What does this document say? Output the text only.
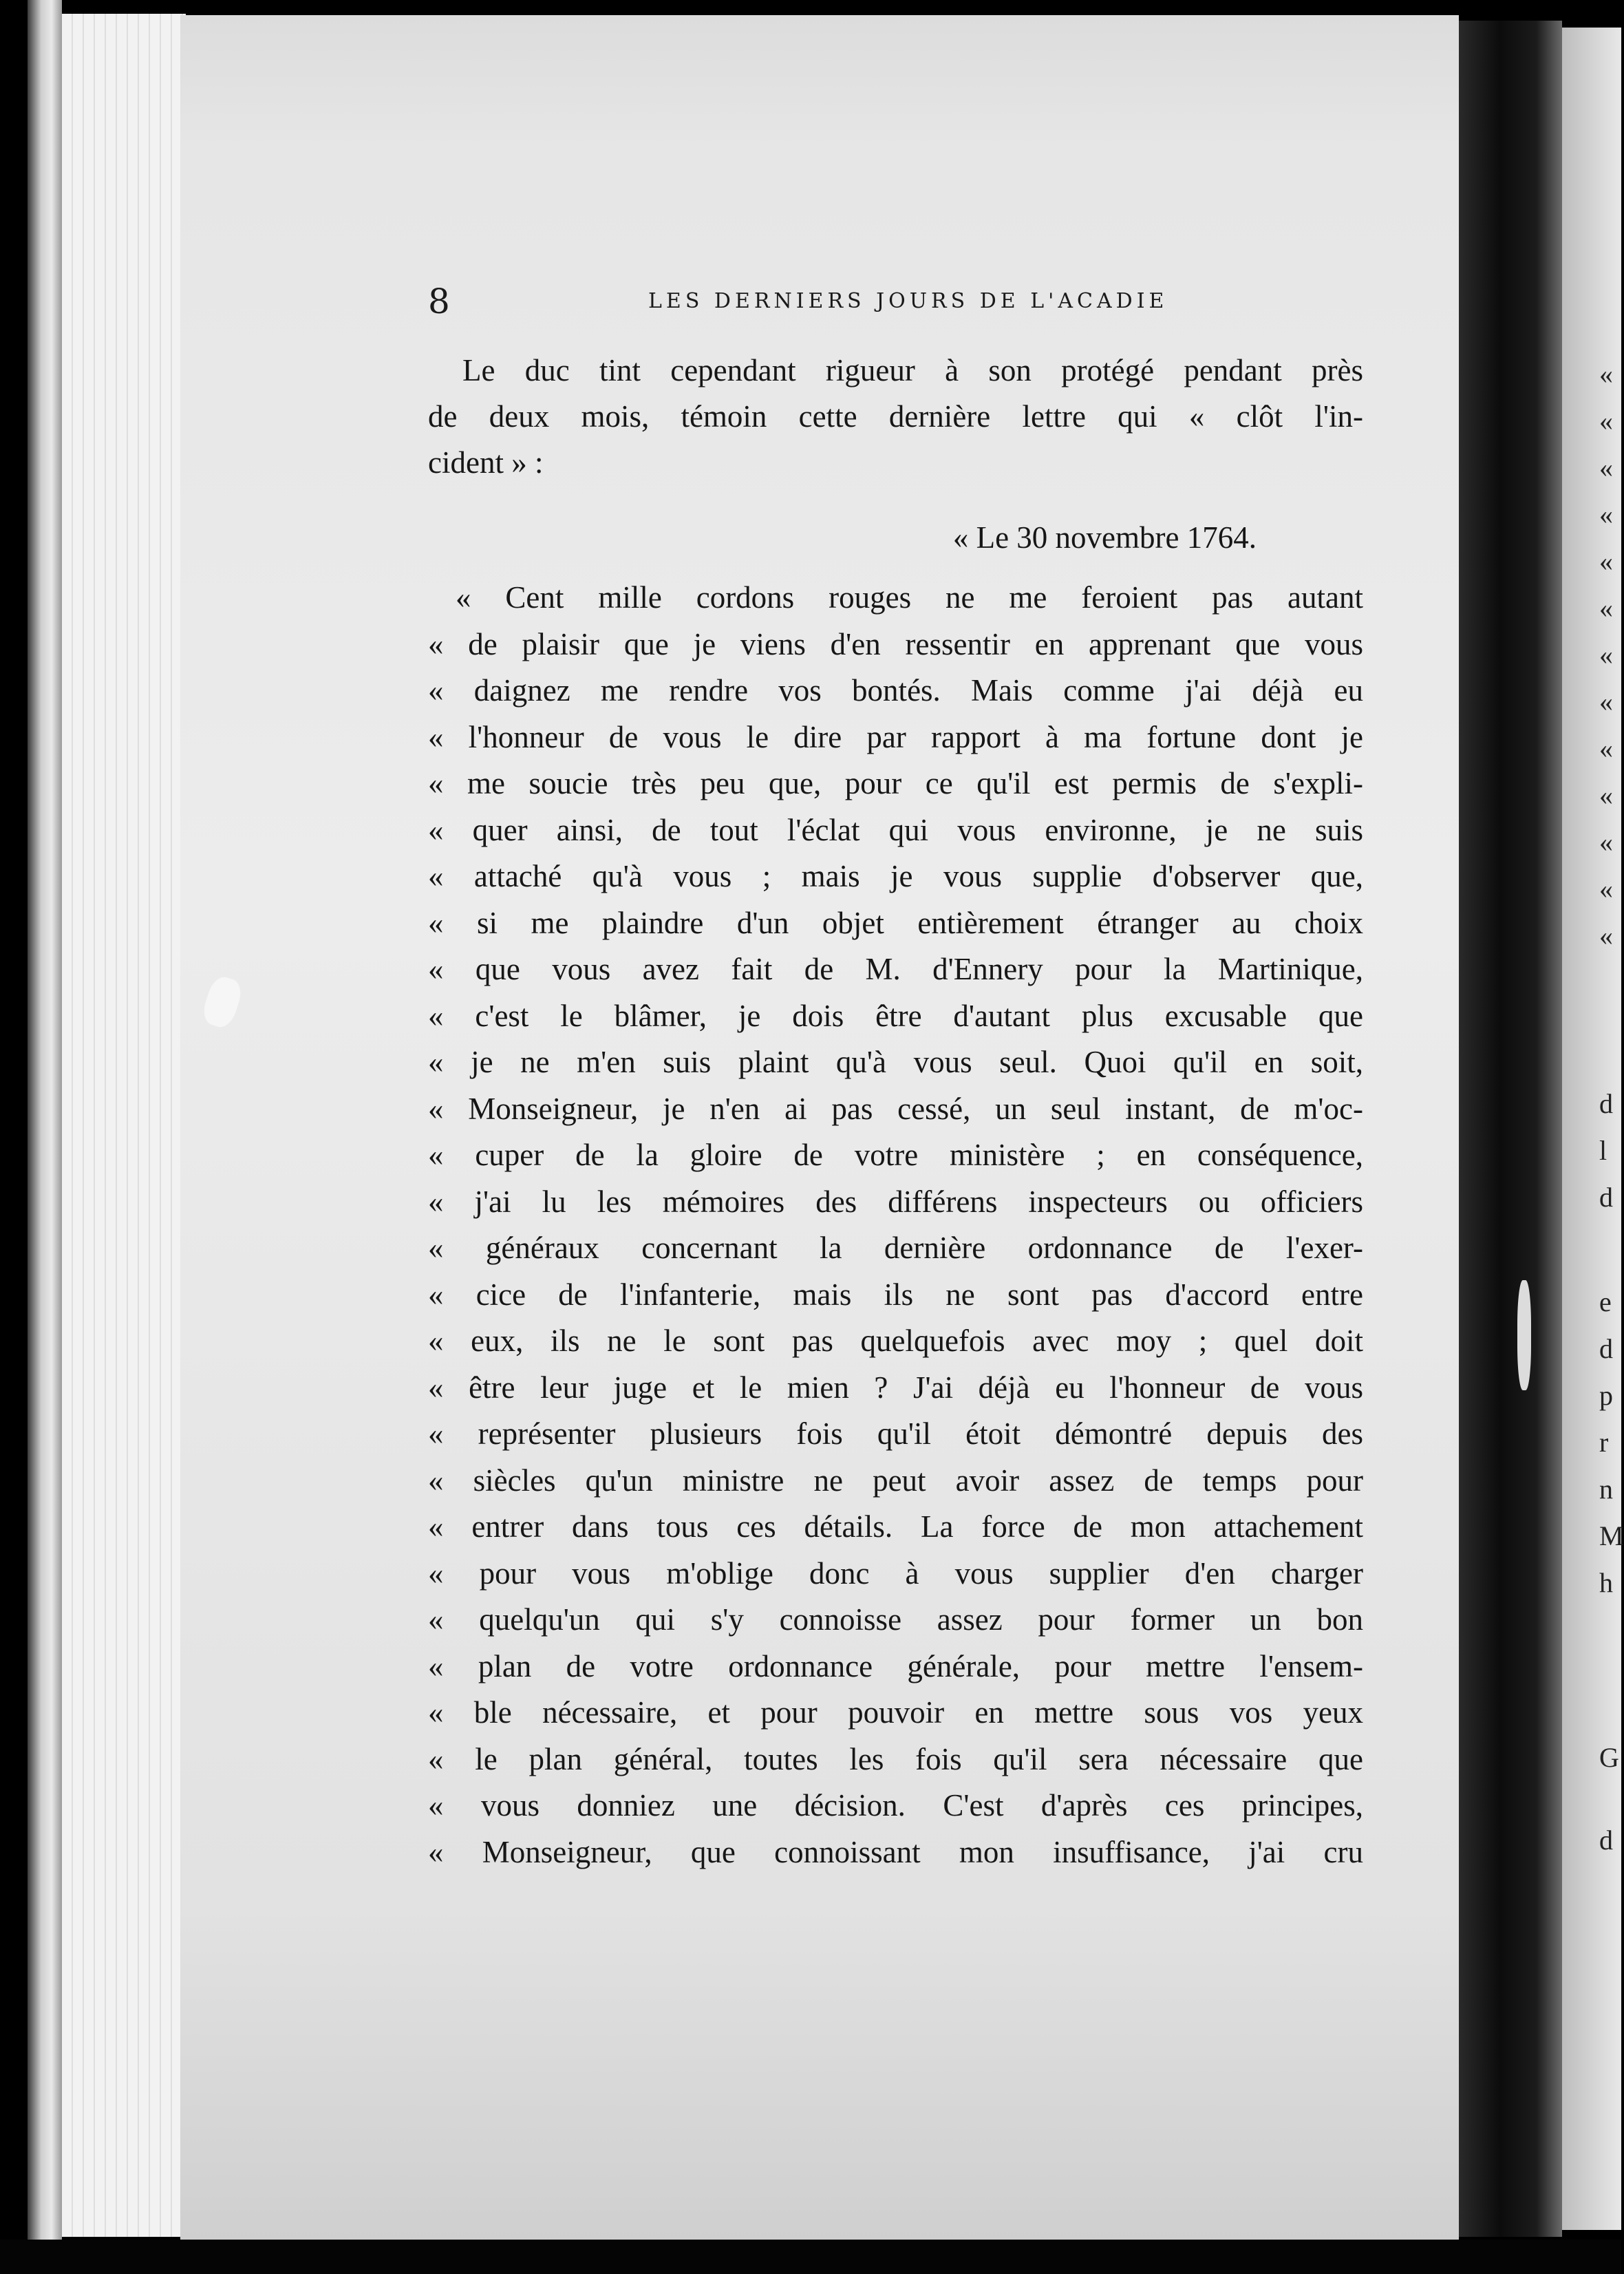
8	LES DERNIERS JOURS DE L'ACADIE

Le duc tint cependant rigueur à son protégé pendant près

de deux mois, témoin cette dernière lettre qui « clôt l'in-

cident » :

« Le 30 novembre 1764.
« Cent mille cordons rouges ne me feroient pas autant
« de plaisir que je viens d'en ressentir en apprenant que vous
« daignez me rendre vos bontés. Mais comme j'ai déjà eu
« l'honneur de vous le dire par rapport à ma fortune dont je
« me soucie très peu que, pour ce qu'il est permis de s'expli-
« quer ainsi, de tout l'éclat qui vous environne, je ne suis
« attaché qu'à vous ; mais je vous supplie d'observer que,
« si me plaindre d'un objet entièrement étranger au choix
« que vous avez fait de M. d'Ennery pour la Martinique,
« c'est le blâmer, je dois être d'autant plus excusable que
« je ne m'en suis plaint qu'à vous seul. Quoi qu'il en soit,
« Monseigneur, je n'en ai pas cessé, un seul instant, de m'oc-
« cuper de la gloire de votre ministère ; en conséquence,
« j'ai lu les mémoires des différens inspecteurs ou officiers
« généraux concernant la dernière ordonnance de l'exer-
« cice de l'infanterie, mais ils ne sont pas d'accord entre
« eux, ils ne le sont pas quelquefois avec moy ; quel doit
« être leur juge et le mien ? J'ai déjà eu l'honneur de vous
« représenter plusieurs fois qu'il étoit démontré depuis des
« siècles qu'un ministre ne peut avoir assez de temps pour
« entrer dans tous ces détails. La force de mon attachement
« pour vous m'oblige donc à vous supplier d'en charger
« quelqu'un qui s'y connoisse assez pour former un bon
« plan de votre ordonnance générale, pour mettre l'ensem-
« ble nécessaire, et pour pouvoir en mettre sous vos yeux
« le plan général, toutes les fois qu'il sera nécessaire que
« vous donniez une décision. C'est d'après ces principes,
« Monseigneur, que connoissant mon insuffisance, j'ai cru
«
«
«
«
«
«
«
«
«
«
«
«
«
d
l
d
e
d
p
r
n
M
h
G
d
